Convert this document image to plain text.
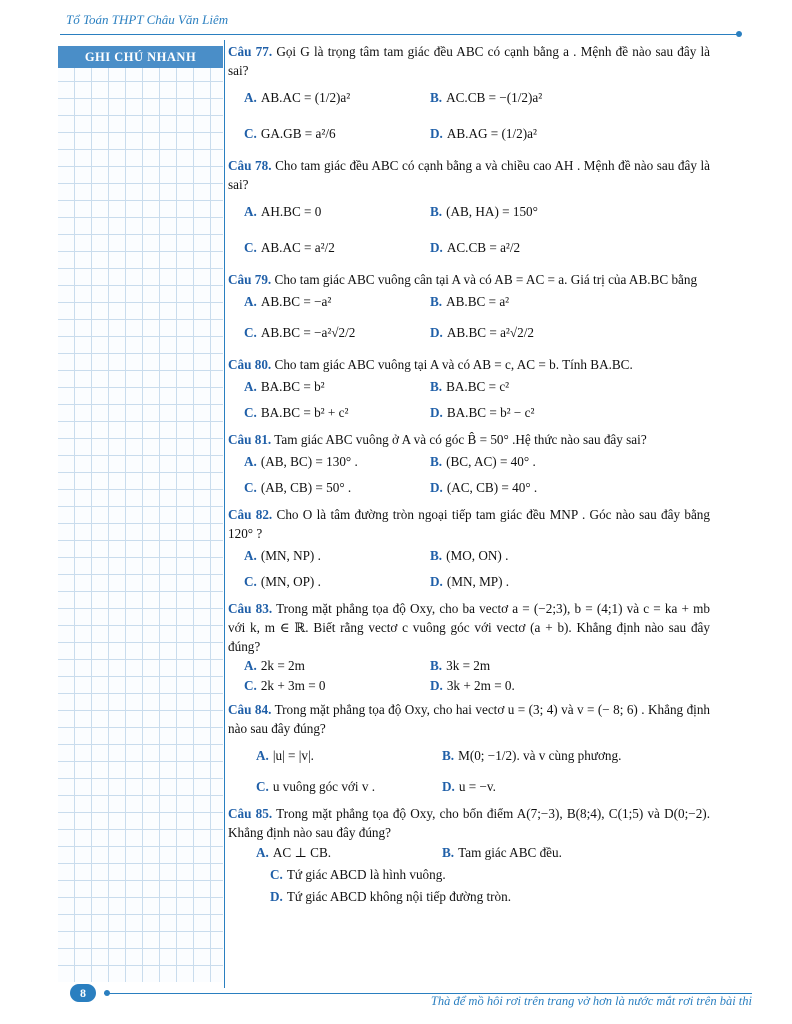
Tổ Toán THPT Châu Văn Liêm
GHI CHÚ NHANH	Câu 77. Gọi G là trọng tâm tam giác đều ABC có cạnh bằng a . Mệnh đề nào sau đây là sai?
A. AB.AC = (1/2)a²	B. AC.CB = −(1/2)a²
C. GA.GB = a²/6	D. AB.AG = (1/2)a²
Câu 78. Cho tam giác đều ABC có cạnh bằng a và chiều cao AH . Mệnh đề nào sau đây là sai?
A. AH.BC = 0	B. (AB, HA) = 150°
C. AB.AC = a²/2	D. AC.CB = a²/2
Câu 79. Cho tam giác ABC vuông cân tại A và có AB = AC = a. Giá trị của AB.BC bằng
A. AB.BC = −a²	B. AB.BC = a²
C. AB.BC = −a²√2/2	D. AB.BC = a²√2/2
Câu 80. Cho tam giác ABC vuông tại A và có AB = c, AC = b. Tính BA.BC.
A. BA.BC = b²	B. BA.BC = c²
C. BA.BC = b² + c²	D. BA.BC = b² − c²
Câu 81. Tam giác ABC vuông ở A và có góc B̂ = 50° .Hệ thức nào sau đây sai?
A. (AB, BC) = 130° .	B. (BC, AC) = 40° .
C. (AB, CB) = 50° .	D. (AC, CB) = 40° .
Câu 82. Cho O là tâm đường tròn ngoại tiếp tam giác đều MNP . Góc nào sau đây bằng 120° ?
A. (MN, NP) .	B. (MO, ON) .
C. (MN, OP) .	D. (MN, MP) .
Câu 83. Trong mặt phẳng tọa độ Oxy, cho ba vectơ a = (−2;3), b = (4;1) và c = ka + mb với k, m ∈ ℝ. Biết rằng vectơ c vuông góc với vectơ (a + b). Khẳng định nào sau đây đúng?
A. 2k = 2m	B. 3k = 2m
C. 2k + 3m = 0	D. 3k + 2m = 0.
Câu 84. Trong mặt phẳng tọa độ Oxy, cho hai vectơ u = (3; 4) và v = (− 8; 6) . Khẳng định nào sau đây đúng?
A. |u| = |v|.	B. M(0; −1/2). và v cùng phương.
C. u vuông góc với v .	D. u = −v.
Câu 85. Trong mặt phẳng tọa độ Oxy, cho bốn điểm A(7;−3), B(8;4), C(1;5) và D(0;−2). Khẳng định nào sau đây đúng?
A. AC ⊥ CB.	B. Tam giác ABC đều.
C. Tứ giác ABCD là hình vuông.
D. Tứ giác ABCD không nội tiếp đường tròn.
8
Thà để mồ hôi rơi trên trang vở hơn là nước mắt rơi trên bài thi
